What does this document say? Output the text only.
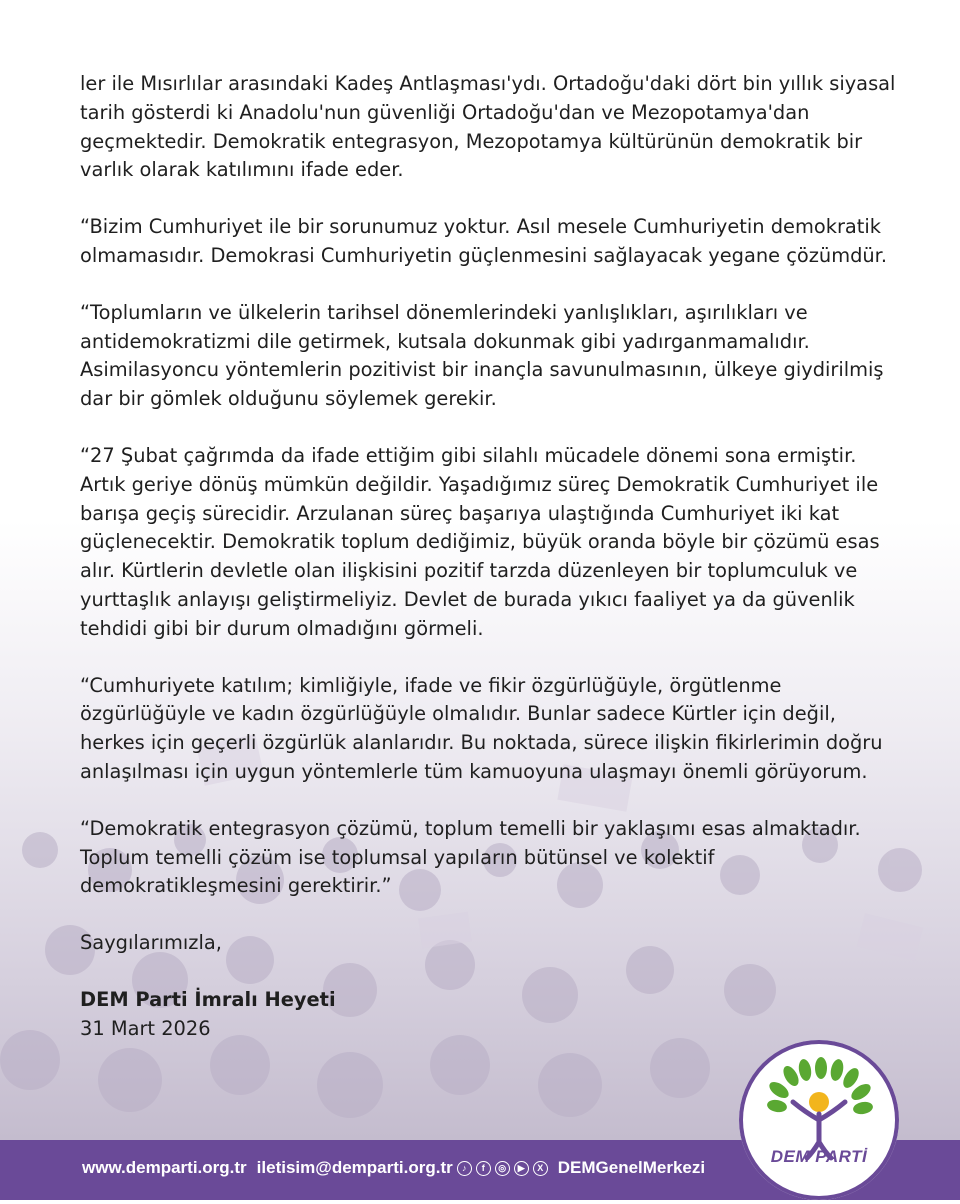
ler ile Mısırlılar arasındaki Kadeş Antlaşması'ydı. Ortadoğu'daki dört bin yıllık siyasal tarih gösterdi ki Anadolu'nun güvenliği Ortadoğu'dan ve Mezopotamya'dan geçmektedir. Demokratik entegrasyon, Mezopotamya kültürünün demokratik bir varlık olarak katılımını ifade eder.

“Bizim Cumhuriyet ile bir sorunumuz yoktur. Asıl mesele Cumhuriyetin demokratik olmamasıdır. Demokrasi Cumhuriyetin güçlenmesini sağlayacak yegane çözümdür.

“Toplumların ve ülkelerin tarihsel dönemlerindeki yanlışlıkları, aşırılıkları ve antidemokratizmi dile getirmek, kutsala dokunmak gibi yadırganmamalıdır. Asimilasyoncu yöntemlerin pozitivist bir inançla savunulmasının, ülkeye giydirilmiş dar bir gömlek olduğunu söylemek gerekir.

“27 Şubat çağrımda da ifade ettiğim gibi silahlı mücadele dönemi sona ermiştir. Artık geriye dönüş mümkün değildir. Yaşadığımız süreç Demokratik Cumhuriyet ile barışa geçiş sürecidir. Arzulanan süreç başarıya ulaştığında Cumhuriyet iki kat güçlenecektir. Demokratik toplum dediğimiz, büyük oranda böyle bir çözümü esas alır. Kürtlerin devletle olan ilişkisini pozitif tarzda düzenleyen bir toplumculuk ve yurttaşlık anlayışı geliştirmeliyiz. Devlet de burada yıkıcı faaliyet ya da güvenlik tehdidi gibi bir durum olmadığını görmeli.

“Cumhuriyete katılım; kimliğiyle, ifade ve fikir özgürlüğüyle, örgütlenme özgürlüğüyle ve kadın özgürlüğüyle olmalıdır. Bunlar sadece Kürtler için değil, herkes için geçerli özgürlük alanlarıdır. Bu noktada, sürece ilişkin fikirlerimin doğru anlaşılması için uygun yöntemlerle tüm kamuoyuna ulaşmayı önemli görüyorum.

“Demokratik entegrasyon çözümü, toplum temelli bir yaklaşımı esas almaktadır. Toplum temelli çözüm ise toplumsal yapıların bütünsel ve kolektif demokratikleşmesini gerektirir.”

Saygılarımızla,

DEM Parti İmralı Heyeti

31 Mart 2026

www.demparti.org.tr iletisim@demparti.org.tr	♪	f	◎	▶	X DEMGenelMerkezi
DEM PARTİ
